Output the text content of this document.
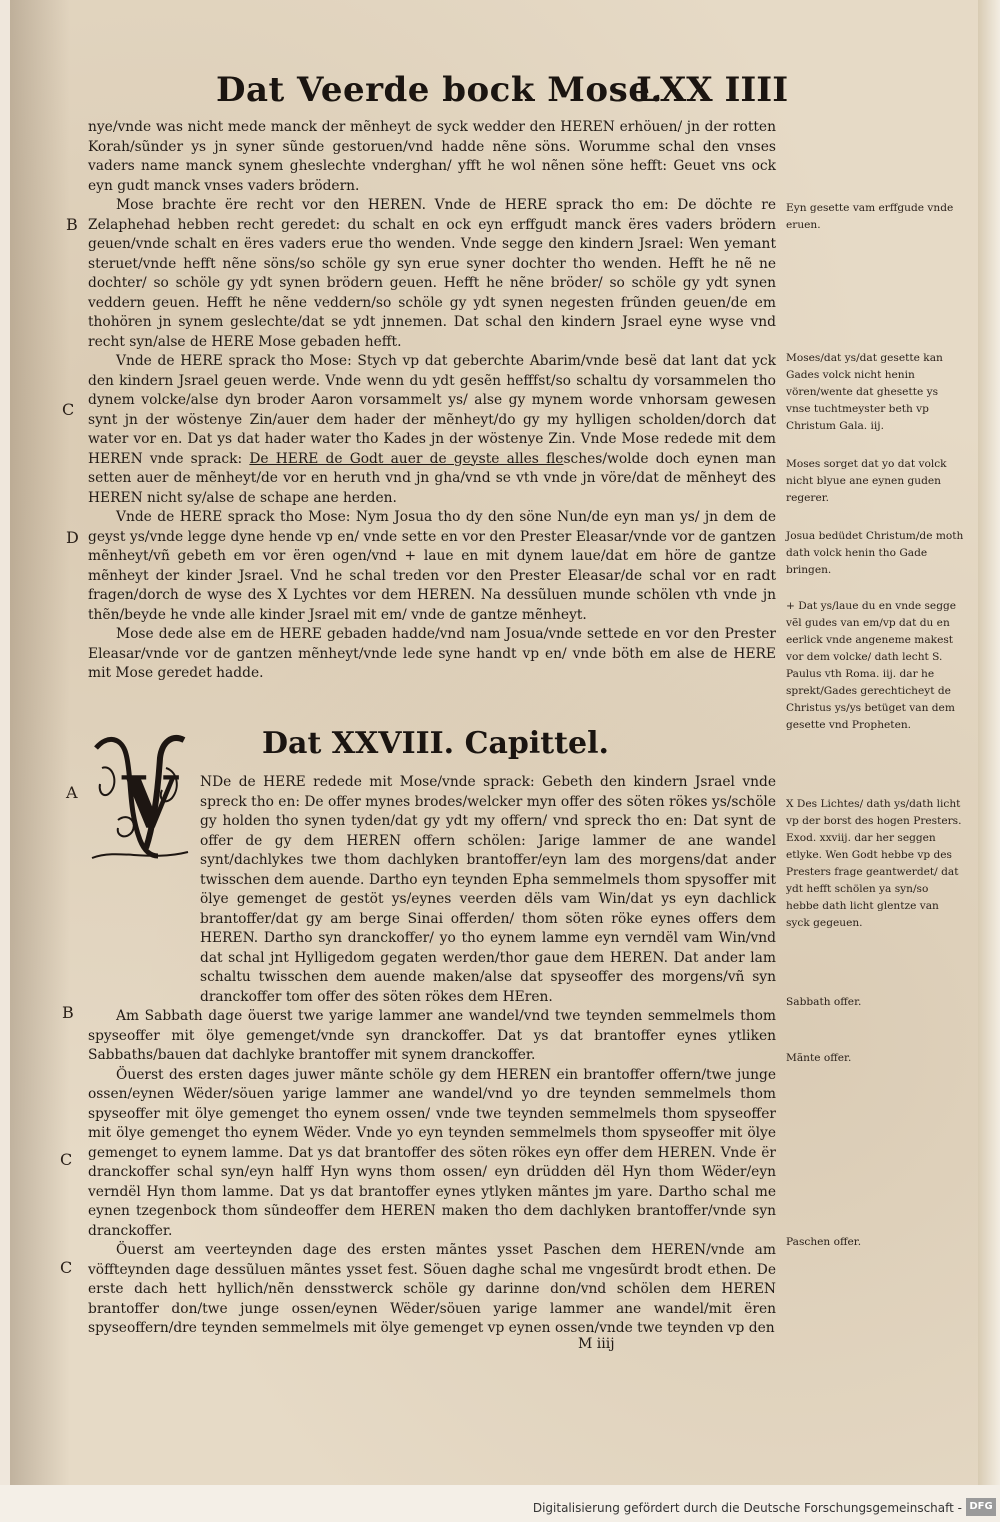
Dat Veerde bock Mose.
LXX IIII
B
C
D
A
B
C
C

nye/vnde was nicht mede manck der mẽnheyt de syck wedder den HEREN erhöuen/ jn der rotten Korah/sũnder ys jn syner sũnde gestoruen/vnd hadde nẽne söns. Worumme schal den vnses vaders name manck synem gheslechte vnderghan/ yfft he wol nẽnen söne hefft: Geuet vns ock eyn gudt manck vnses vaders brödern.

Mose brachte ëre recht vor den HEREN. Vnde de HERE sprack tho em: De döchte re Zelaphehad hebben recht geredet: du schalt en ock eyn erffgudt manck ëres vaders brödern geuen/vnde schalt en ëres vaders erue tho wenden. Vnde segge den kindern Jsrael: Wen yemant steruet/vnde hefft nẽne söns/so schöle gy syn erue syner dochter tho wenden. Hefft he nẽ ne dochter/ so schöle gy ydt synen brödern geuen. Hefft he nẽne bröder/ so schöle gy ydt synen veddern geuen. Hefft he nẽne veddern/so schöle gy ydt synen negesten frũnden geuen/de em thohören jn synem geslechte/dat se ydt jnnemen. Dat schal den kindern Jsrael eyne wyse vnd recht syn/alse de HERE Mose gebaden hefft.

Vnde de HERE sprack tho Mose: Stych vp dat geberchte Abarim/vnde besë dat lant dat yck den kindern Jsrael geuen werde. Vnde wenn du ydt gesẽn hefffst/so schaltu dy vorsammelen tho dynem volcke/alse dyn broder Aaron vorsammelt ys/ alse gy mynem worde vnhorsam gewesen synt jn der wöstenye Zin/auer dem hader der mẽnheyt/do gy my hylligen scholden/dorch dat water vor en. Dat ys dat hader water tho Kades jn der wöstenye Zin. Vnde Mose redede mit dem HEREN vnde sprack: De HERE de Godt auer de geyste alles flesches/wolde doch eynen man setten auer de mẽnheyt/de vor en heruth vnd jn gha/vnd se vth vnde jn vöre/dat de mẽnheyt des HEREN nicht sy/alse de schape ane herden.

Vnde de HERE sprack tho Mose: Nym Josua tho dy den söne Nun/de eyn man ys/ jn dem de geyst ys/vnde legge dyne hende vp en/ vnde sette en vor den Prester Eleasar/vnde vor de gantzen mẽnheyt/vñ gebeth em vor ëren ogen/vnd + laue en mit dynem laue/dat em höre de gantze mẽnheyt der kinder Jsrael. Vnd he schal treden vor den Prester Eleasar/de schal vor en radt fragen/dorch de wyse des X Lychtes vor dem HEREN. Na dessũluen munde schölen vth vnde jn thẽn/beyde he vnde alle kinder Jsrael mit em/ vnde de gantze mẽnheyt.

Mose dede alse em de HERE gebaden hadde/vnd nam Josua/vnde settede en vor den Prester Eleasar/vnde vor de gantzen mẽnheyt/vnde lede syne handt vp en/ vnde böth em alse de HERE mit Mose geredet hadde.

Dat XXVIII. Capittel.
V NDe de HERE redede mit Mose/vnde sprack: Gebeth den kindern Jsrael vnde spreck tho en: De offer mynes brodes/welcker myn offer des söten rökes ys/schöle gy holden tho synen tyden/dat gy ydt my offern/ vnd spreck tho en: Dat synt de offer de gy dem HEREN offern schölen: Jarige lammer de ane wandel synt/dachlykes twe thom dachlyken brantoffer/eyn lam des morgens/dat ander twisschen dem auende. Dartho eyn teynden Epha semmelmels thom spysoffer mit ölye gemenget de gestöt ys/eynes veerden dëls vam Win/dat ys eyn dachlick brantoffer/dat gy am berge Sinai offerden/ thom söten röke eynes offers dem HEREN. Dartho syn dranckoffer/ yo tho eynem lamme eyn verndël vam Win/vnd dat schal jnt Hylligedom gegaten werden/thor gaue dem HEREN. Dat ander lam schaltu twisschen dem auende maken/alse dat spyseoffer des morgens/vñ syn dranckoffer tom offer des söten rökes dem HEren.

Am Sabbath dage öuerst twe yarige lammer ane wandel/vnd twe teynden semmelmels thom spyseoffer mit ölye gemenget/vnde syn dranckoffer. Dat ys dat brantoffer eynes ytliken Sabbaths/bauen dat dachlyke brantoffer mit synem dranckoffer.

Öuerst des ersten dages juwer mãnte schöle gy dem HEREN ein brantoffer offern/twe junge ossen/eynen Wëder/söuen yarige lammer ane wandel/vnd yo dre teynden semmelmels thom spyseoffer mit ölye gemenget tho eynem ossen/ vnde twe teynden semmelmels thom spyseoffer mit ölye gemenget tho eynem Wëder. Vnde yo eyn teynden semmelmels thom spyseoffer mit ölye gemenget to eynem lamme. Dat ys dat brantoffer des söten rökes eyn offer dem HEREN. Vnde ër dranckoffer schal syn/eyn halff Hyn wyns thom ossen/ eyn drüdden dël Hyn thom Wëder/eyn verndël Hyn thom lamme. Dat ys dat brantoffer eynes ytlyken mãntes jm yare. Dartho schal me eynen tzegenbock thom sũndeoffer dem HEREN maken tho dem dachlyken brantoffer/vnde syn dranckoffer.

Öuerst am veerteynden dage des ersten mãntes ysset Paschen dem HEREN/vnde am vöffteynden dage dessũluen mãntes ysset fest. Söuen daghe schal me vngesũrdt brodt ethen. De erste dach hett hyllich/nẽn densstwerck schöle gy darinne don/vnd schölen dem HEREN brantoffer don/twe junge ossen/eynen Wëder/söuen yarige lammer ane wandel/mit ëren spyseoffern/dre teynden semmelmels mit ölye gemenget vp eynen ossen/vnde twe teynden vp den

Eyn gesette vam erffgude vnde eruen.
Moses/dat ys/dat gesette kan Gades volck nicht henin vören/wente dat ghesette ys vnse tuchtmeyster beth vp Christum Gala. iij.
Moses sorget dat yo dat volck nicht blyue ane eynen guden regerer.
Josua bedüdet Christum/de moth dath volck henin tho Gade bringen.
+ Dat ys/laue du en vnde segge vẽl gudes van em/vp dat du en eerlick vnde angeneme makest vor dem volcke/ dath lecht S. Paulus vth Roma. iij. dar he sprekt/Gades gerechticheyt de Christus ys/ys betüget van dem gesette vnd Propheten.
X Des Lichtes/ dath ys/dath licht vp der borst des hogen Presters. Exod. xxviij. dar her seggen etlyke. Wen Godt hebbe vp des Presters frage geantwerdet/ dat ydt hefft schölen ya syn/so hebbe dath licht glentze van syck gegeuen.
Sabbath offer.
Mãnte offer.
Paschen offer.
M iiij
Digitalisierung gefördert durch die Deutsche Forschungsgemeinschaft - DFG
